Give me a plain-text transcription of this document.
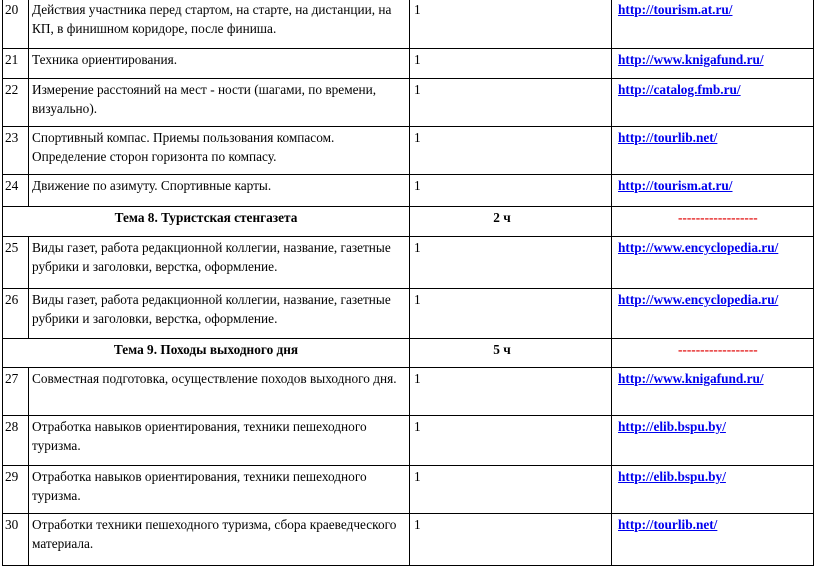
20	Действия участника перед стартом, на старте, на дистанции, на КП, в финишном коридоре, после финиша.	1	http://tourism.at.ru/
21	Техника ориентирования.	1	http://www.knigafund.ru/
22	Измерение расстояний на мест - ности (шагами, по времени, визуально).	1	http://catalog.fmb.ru/
23	Спортивный компас. Приемы пользования компасом. Определение сторон горизонта по компасу.	1	http://tourlib.net/
24	Движение по азимуту. Спортивные карты.	1	http://tourism.at.ru/
Тема 8. Туристская стенгазета		2 ч	------------------
25	Виды газет, работа редакционной коллегии, название, газетные рубрики и заголовки, верстка, оформление.	1	http://www.encyclopedia.ru/
26	Виды газет, работа редакционной коллегии, название, газетные рубрики и заголовки, верстка, оформление.	1	http://www.encyclopedia.ru/
Тема 9. Походы выходного дня		5 ч	------------------
27	Совместная подготовка, осуществление походов выходного дня.	1	http://www.knigafund.ru/
28	Отработка навыков ориентирования, техники пешеходного туризма.	1	http://elib.bspu.by/
29	Отработка навыков ориентирования, техники пешеходного туризма.	1	http://elib.bspu.by/
30	Отработки техники пешеходного туризма, сбора краеведческого материала.	1	http://tourlib.net/
